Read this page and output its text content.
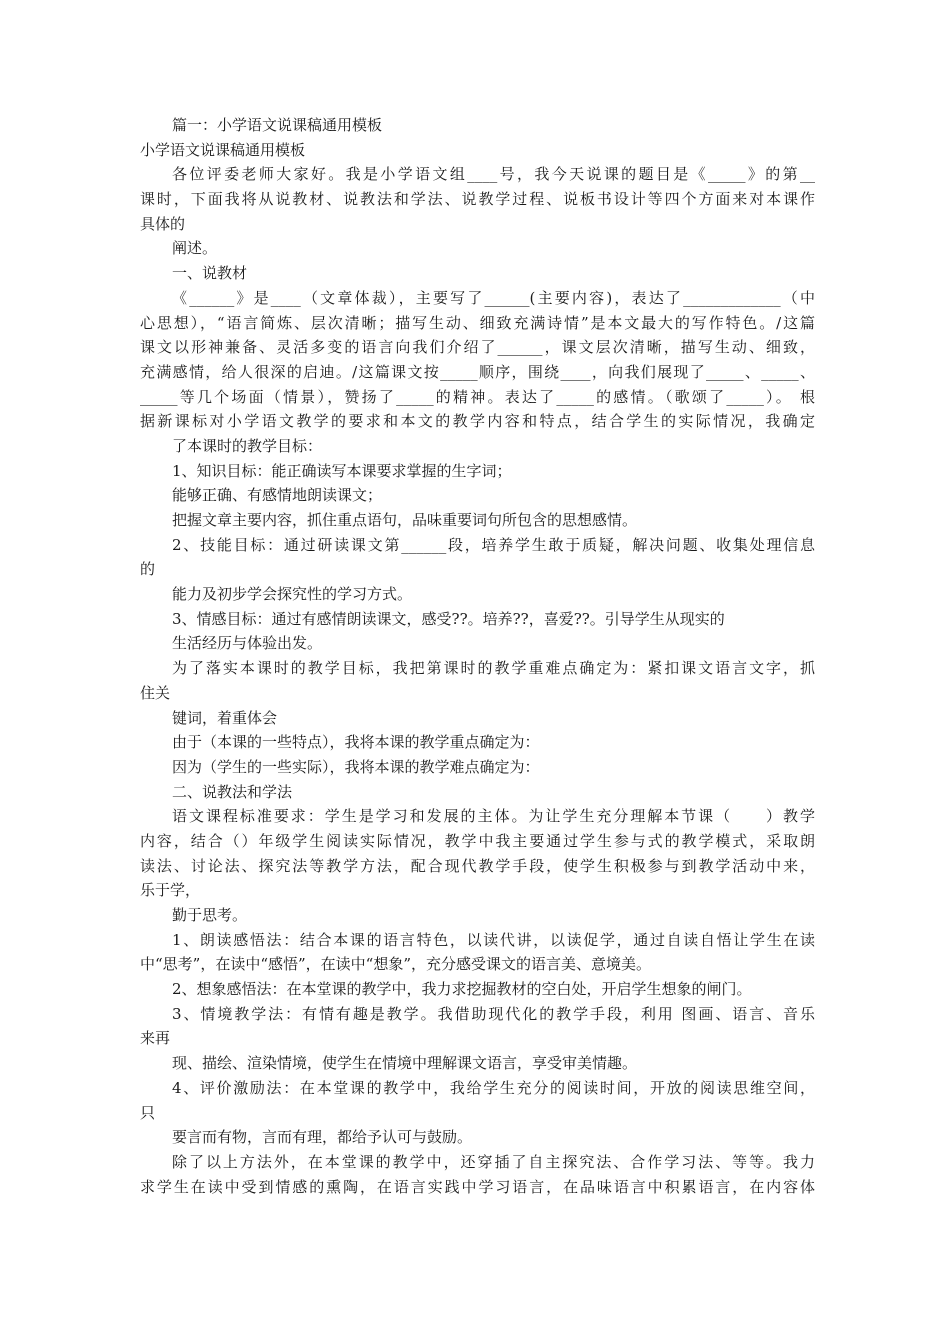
篇一：小学语文说课稿通用模板
小学语文说课稿通用模板
各位评委老师大家好。我是小学语文组____号，我今天说课的题目是《_____》的第__
课时，下面我将从说教材、说教法和学法、说教学过程、说板书设计等四个方面来对本课作
具体的
阐述。
一、说教材
《______》是____（文章体裁），主要写了______(主要内容)，表达了_____________（中
心思想），“语言简炼、层次清晰；描写生动、细致充满诗情”是本文最大的写作特色。/这篇
课文以形神兼备、灵活多变的语言向我们介绍了______，课文层次清晰，描写生动、细致，
充满感情，给人很深的启迪。/这篇课文按_____顺序，围绕____，向我们展现了_____、_____、
_____等几个场面（情景），赞扬了_____的精神。表达了_____的感情。（歌颂了_____）。 根
据新课标对小学语文教学的要求和本文的教学内容和特点，结合学生的实际情况，我确定
了本课时的教学目标：
1、知识目标：能正确读写本课要求掌握的生字词；
能够正确、有感情地朗读课文；
把握文章主要内容，抓住重点语句，品味重要词句所包含的思想感情。
2、技能目标：通过研读课文第______段，培养学生敢于质疑，解决问题、收集处理信息
的
能力及初步学会探究性的学习方式。
3、情感目标：通过有感情朗读课文，感受??。培养??，喜爱??。引导学生从现实的
生活经历与体验出发。
为了落实本课时的教学目标，我把第课时的教学重难点确定为：紧扣课文语言文字，抓
住关
键词，着重体会
由于（本课的一些特点），我将本课的教学重点确定为：
因为（学生的一些实际），我将本课的教学难点确定为：
二、说教法和学法
语文课程标准要求：学生是学习和发展的主体。为让学生充分理解本节课（　　）教学
内容，结合（）年级学生阅读实际情况，教学中我主要通过学生参与式的教学模式，采取朗
读法、讨论法、探究法等教学方法，配合现代教学手段，使学生积极参与到教学活动中来，
乐于学，
勤于思考。
1、朗读感悟法：结合本课的语言特色，以读代讲，以读促学，通过自读自悟让学生在读
中“思考”，在读中“感悟”，在读中“想象”，充分感受课文的语言美、意境美。
2、想象感悟法：在本堂课的教学中，我力求挖掘教材的空白处，开启学生想象的闸门。
3、情境教学法：有情有趣是教学。我借助现代化的教学手段，利用 图画、语言、音乐
来再
现、描绘、渲染情境，使学生在情境中理解课文语言，享受审美情趣。
4、评价激励法：在本堂课的教学中，我给学生充分的阅读时间，开放的阅读思维空间，
只
要言而有物，言而有理，都给予认可与鼓励。
除了以上方法外，在本堂课的教学中，还穿插了自主探究法、合作学习法、等等。我力
求学生在读中受到情感的熏陶，在语言实践中学习语言，在品味语言中积累语言，在内容体
